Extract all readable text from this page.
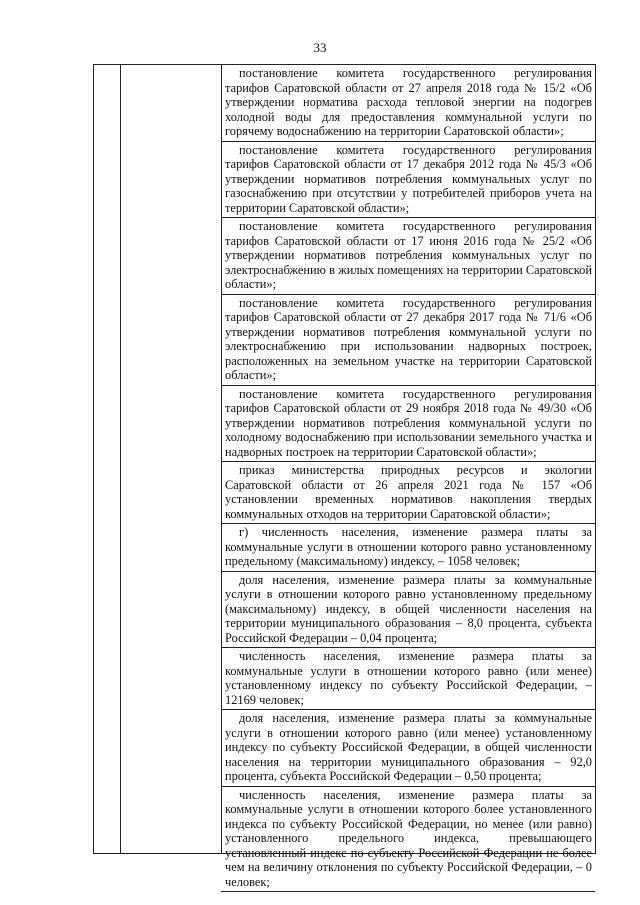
33

постановление комитета государственного регулирования тарифов Саратовской области от 27 апреля 2018 года № 15/2 «Об утверждении норматива расхода тепловой энергии на подогрев холодной воды для предоставления коммунальной услуги по горячему водоснабжению на территории Саратовской области»;

постановление комитета государственного регулирования тарифов Саратовской области от 17 декабря 2012 года № 45/3 «Об утверждении нормативов потребления коммунальных услуг по газоснабжению при отсутствии у потребителей приборов учета на территории Саратовской области»;

постановление комитета государственного регулирования тарифов Саратовской области от 17 июня 2016 года № 25/2 «Об утверждении нормативов потребления коммунальных услуг по электроснабжению в жилых помещениях на территории Саратовской области»;

постановление комитета государственного регулирования тарифов Саратовской области от 27 декабря 2017 года № 71/6 «Об утверждении нормативов потребления коммунальной услуги по электроснабжению при использовании надворных построек, расположенных на земельном участке на территории Саратовской области»;

постановление комитета государственного регулирования тарифов Саратовской области от 29 ноября 2018 года № 49/30 «Об утверждении нормативов потребления коммунальной услуги по холодному водоснабжению при использовании земельного участка и надворных построек на территории Саратовской области»;

приказ министерства природных ресурсов и экологии Саратовской области от 26 апреля 2021 года № 157 «Об установлении временных нормативов накопления твердых коммунальных отходов на территории Саратовской области»;

г) численность населения, изменение размера платы за коммунальные услуги в отношении которого равно установленному предельному (максимальному) индексу, – 1058 человек;

доля населения, изменение размера платы за коммунальные услуги в отношении которого равно установленному предельному (максимальному) индексу, в общей численности населения на территории муниципального образования – 8,0 процента, субъекта Российской Федерации – 0,04 процента;

численность населения, изменение размера платы за коммунальные услуги в отношении которого равно (или менее) установленному индексу по субъекту Российской Федерации, – 12169 человек;

доля населения, изменение размера платы за коммунальные услуги в отношении которого равно (или менее) установленному индексу по субъекту Российской Федерации, в общей численности населения на территории муниципального образования – 92,0 процента, субъекта Российской Федерации – 0,50 процента;

численность населения, изменение размера платы за коммунальные услуги в отношении которого более установленного индекса по субъекту Российской Федерации, но менее (или равно) установленного предельного индекса, превышающего установленный индекс по субъекту Российской Федерации не более чем на величину отклонения по субъекту Российской Федерации, – 0 человек;
